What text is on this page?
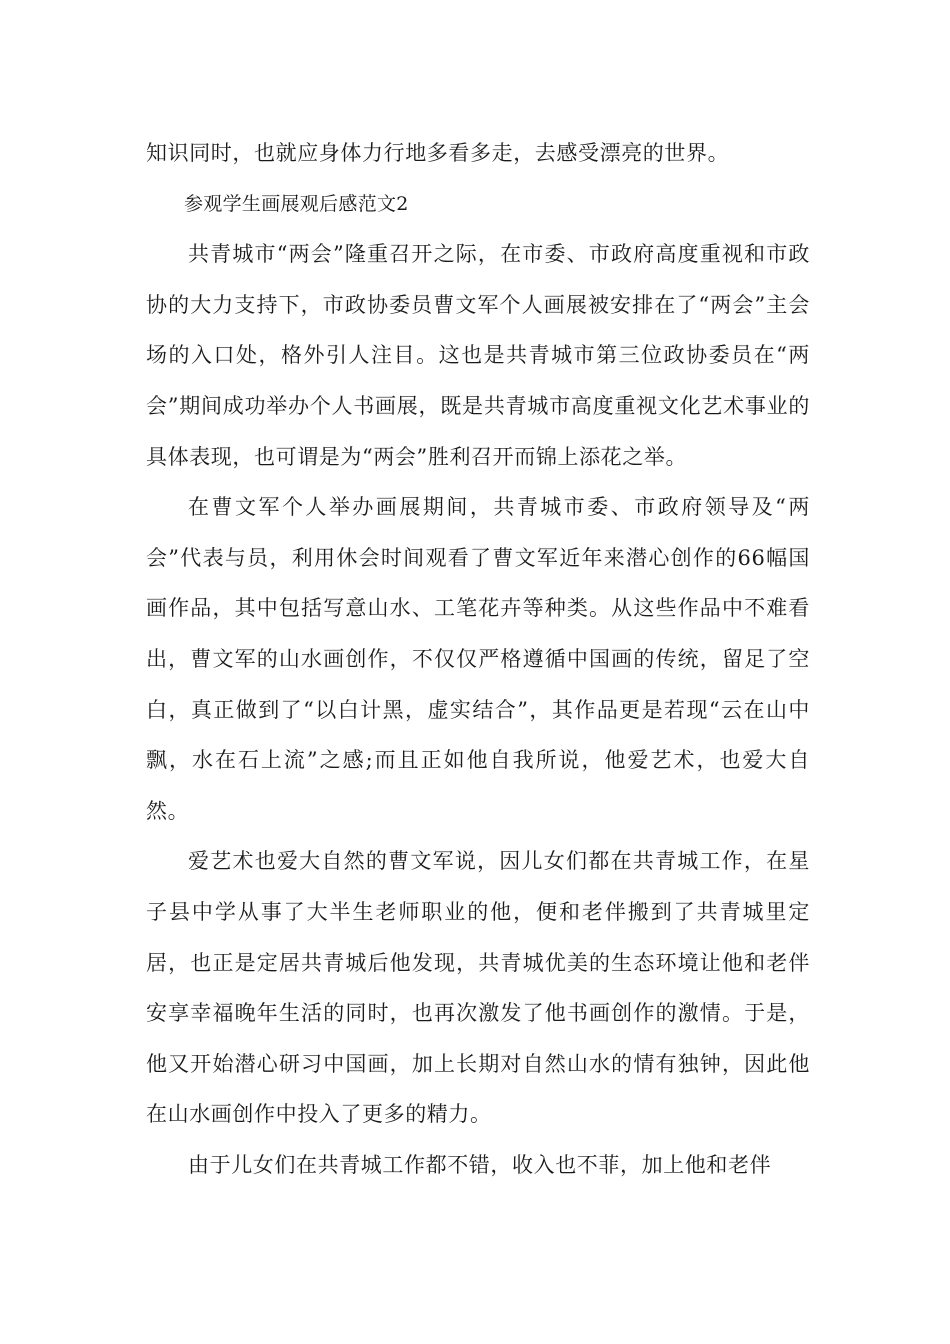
知识同时，也就应身体力行地多看多走，去感受漂亮的世界。

参观学生画展观后感范文2

共青城市“两会”隆重召开之际，在市委、市政府高度重视和市政协的大力支持下，市政协委员曹文军个人画展被安排在了“两会”主会场的入口处，格外引人注目。这也是共青城市第三位政协委员在“两会”期间成功举办个人书画展，既是共青城市高度重视文化艺术事业的具体表现，也可谓是为“两会”胜利召开而锦上添花之举。

在曹文军个人举办画展期间，共青城市委、市政府领导及“两会”代表与员，利用休会时间观看了曹文军近年来潜心创作的66幅国画作品，其中包括写意山水、工笔花卉等种类。从这些作品中不难看出，曹文军的山水画创作，不仅仅严格遵循中国画的传统，留足了空白，真正做到了“以白计黑，虚实结合”，其作品更是若现“云在山中飘，水在石上流”之感;而且正如他自我所说，他爱艺术，也爱大自然。

爱艺术也爱大自然的曹文军说，因儿女们都在共青城工作，在星子县中学从事了大半生老师职业的他，便和老伴搬到了共青城里定居，也正是定居共青城后他发现，共青城优美的生态环境让他和老伴安享幸福晚年生活的同时，也再次激发了他书画创作的激情。于是，他又开始潜心研习中国画，加上长期对自然山水的情有独钟，因此他在山水画创作中投入了更多的精力。

由于儿女们在共青城工作都不错，收入也不菲，加上他和老伴
